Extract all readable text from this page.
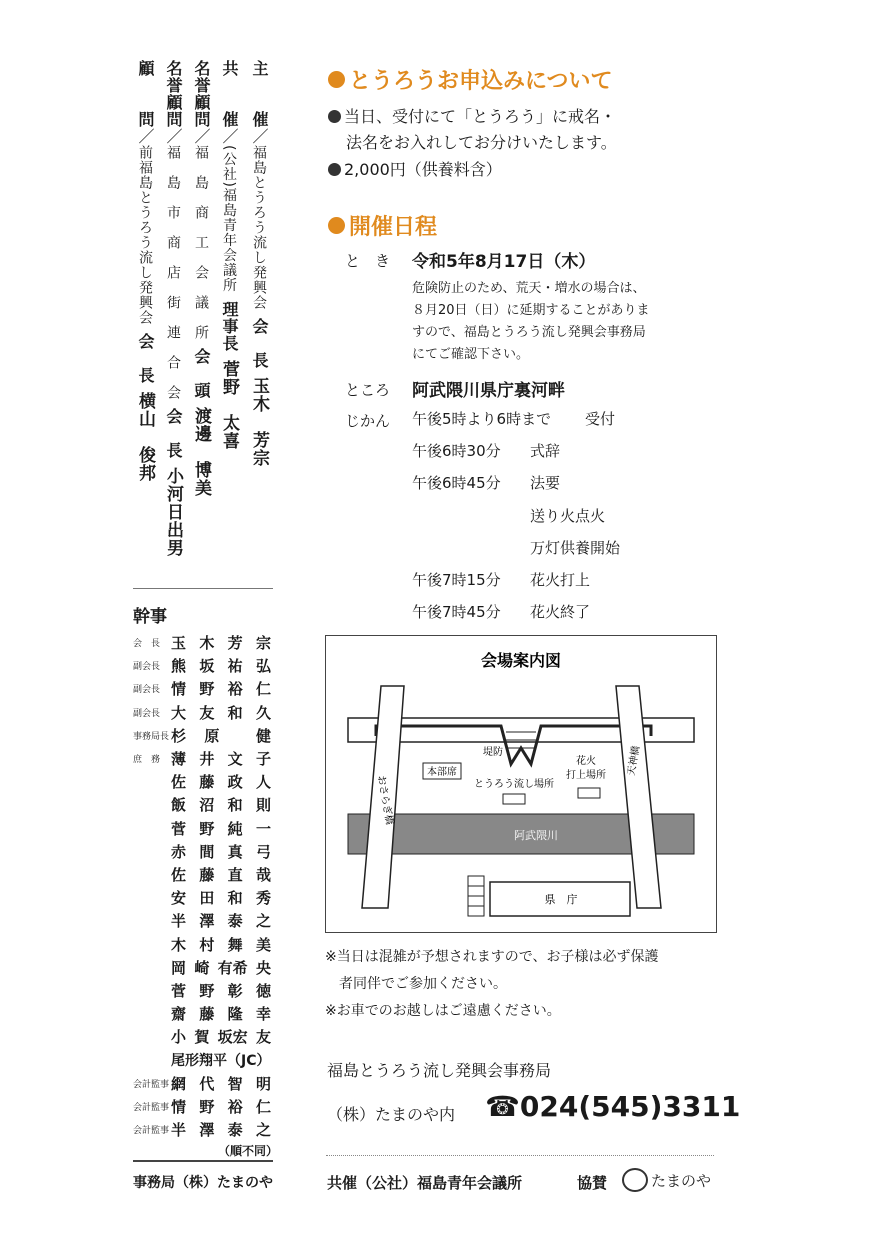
主　　催／福島とうろう流し発興会会　長玉木　芳宗
共　　催／(公社)福島青年会議所理事長菅野　太喜
名誉顧問／福　島　商　工　会　議　所会　頭渡邊　博美
名誉顧問／福　島　市　商　店　街　連　合　会会　長小河日出男
顧　　問／前福島とうろう流し発興会会　長横山　俊邦
幹事
会　長 玉 木 芳 宗
副会長 熊 坂 祐 弘
副会長 情 野 裕 仁
副会長 大 友 和 久
事務局長 杉 原 健
庶　務 薄 井 文 子
佐 藤 政 人
飯 沼 和 則
菅 野 純 一
赤 間 真 弓
佐 藤 直 哉
安 田 和 秀
半 澤 泰 之
木 村 舞 美
岡 崎 有希 央
菅 野 彰 徳
齋 藤 隆 幸
小 賀 坂宏 友
尾形翔平（JC）
会計監事 網 代 智 明
会計監事 情 野 裕 仁
会計監事 半 澤 泰 之
（順不同）
事務局（株）たまのや
とうろうお申込みについて
当日、受付にて「とうろう」に戒名・
法名をお入れしてお分けいたします。
2,000円（供養料含）
開催日程
と　き 令和5年8月17日（木）
危険防止のため、荒天・増水の場合は、
８月20日（日）に延期することがありま
すので、福島とうろう流し発興会事務局
にてご確認下さい。
ところ 阿武隈川県庁裏河畔
じかん 午後5時より6時まで 受付
午後6時30分 式辞
午後6時45分 法要
送り火点火
万灯供養開始
午後7時15分 花火打上
午後7時45分 花火終了
会場案内図
阿武隈川
おさらぎ橋
天神橋
本部席
堤防
とうろう流し場所
花火
打上場所
県　庁
※当日は混雑が予想されますので、お子様は必ず保護
　者同伴でご参加ください。
※お車でのお越しはご遠慮ください。
福島とうろう流し発興会事務局
（株）たまのや内 ☎024(545)3311
共催（公社）福島青年会議所	協賛	たまのや
